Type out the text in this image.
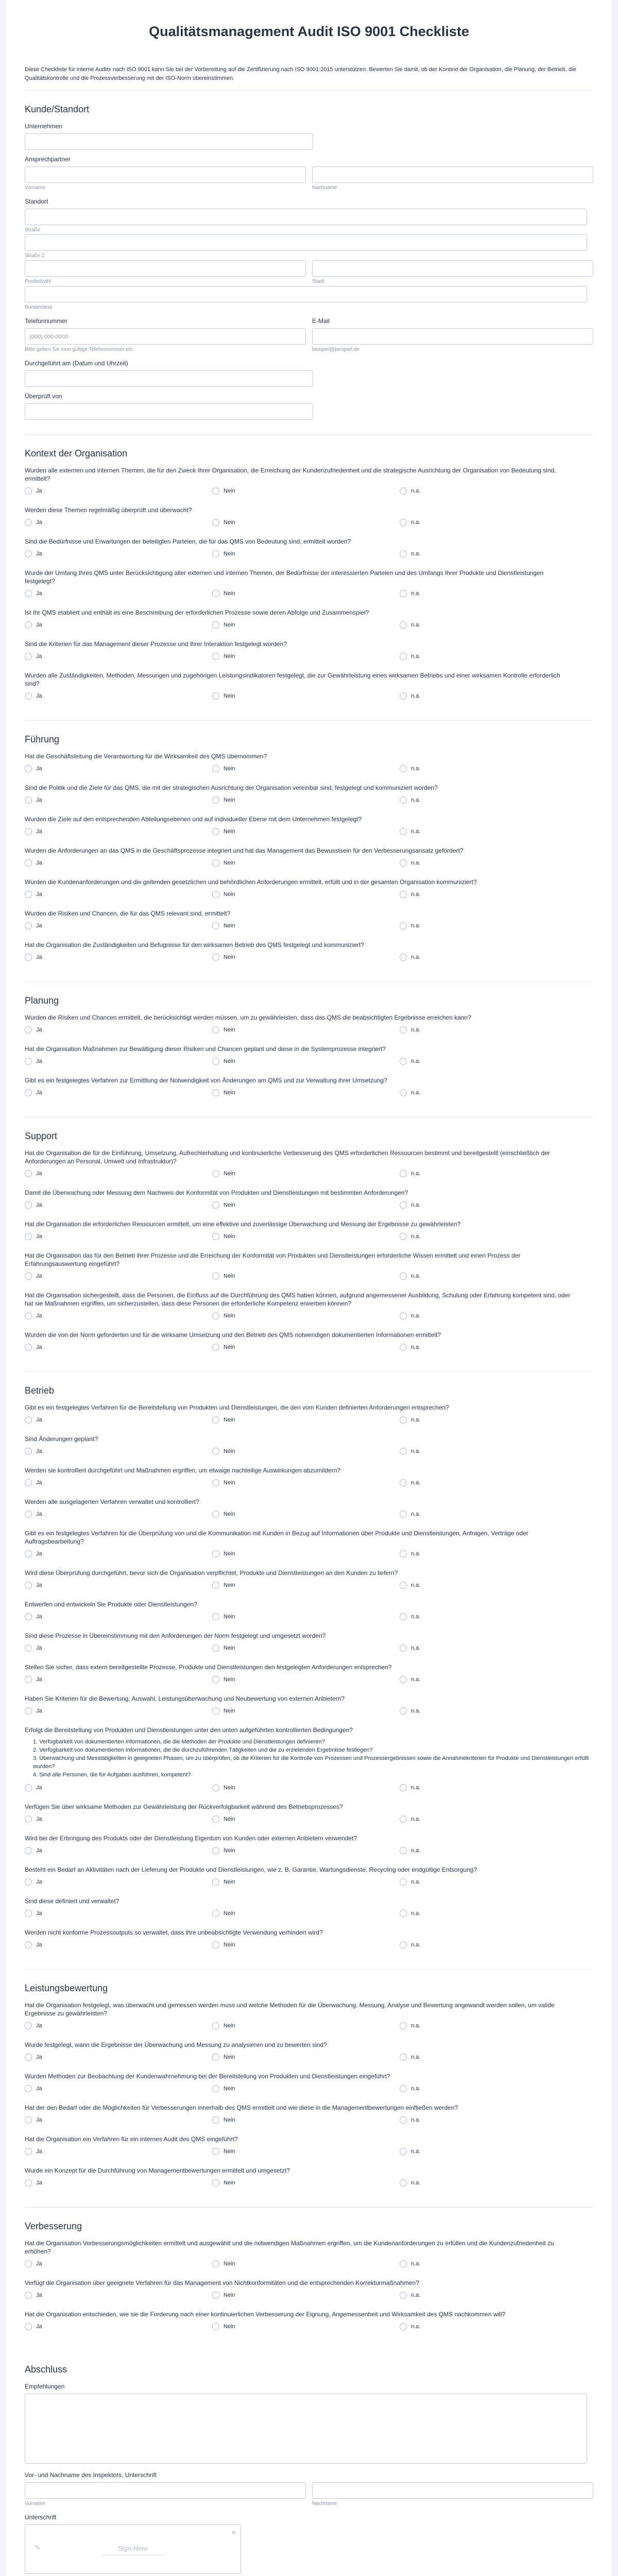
Qualitätsmanagement Audit ISO 9001 Checkliste

Diese Checkliste für interne Audits nach ISO 9001 kann Sie bei der Vorbereitung auf die Zertifizierung nach ISO 9001:2015 unterstützen. Bewerten Sie damit, ob der Kontext der Organisation, die Planung, der Betrieb, die Qualitätskontrolle und die Prozessverbesserung mit der ISO-Norm übereinstimmen.

Kunde/Standort
Unternehmen
Ansprechpartner
Vorname	Nachname
Standort
Straße
Straße 2
Postleitzahl	Stadt
Bundesland
Telefonnummer
(000) 000-0000
Bitte geben Sie eine gültige Telefonnummer ein.
E-Mail
beispiel@beispiel.de
Durchgeführt am (Datum und Uhrzeit)
Überprüft von
Kontext der Organisation
Wurden alle externen und internen Themen, die für den Zweck Ihrer Organisation, die Erreichung der Kundenzufriedenheit und die strategische Ausrichtung der Organisation von Bedeutung sind, ermittelt?
Ja	Nein	n.a.
Werden diese Themen regelmäßig überprüft und überwacht?
Ja	Nein	n.a.
Sind die Bedürfnisse und Erwartungen der beteiligten Parteien, die für das QMS von Bedeutung sind, ermittelt worden?
Ja	Nein	n.a.
Wurde der Umfang Ihres QMS unter Berücksichtigung aller externen und internen Themen, der Bedürfnisse der interessierten Parteien und des Umfangs Ihrer Produkte und Dienstleistungen festgelegt?
Ja	Nein	n.a.
Ist Ihr QMS etabliert und enthält es eine Beschreibung der erforderlichen Prozesse sowie deren Abfolge und Zusammenspiel?
Ja	Nein	n.a.
Sind die Kriterien für das Management dieser Prozesse und ihrer Interaktion festgelegt worden?
Ja	Nein	n.a.
Wurden alle Zuständigkeiten, Methoden, Messungen und zugehörigen Leistungsindikatoren festgelegt, die zur Gewährleistung eines wirksamen Betriebs und einer wirksamen Kontrolle erforderlich sind?
Ja	Nein	n.a.
Führung
Hat die Geschäftsleitung die Verantwortung für die Wirksamkeit des QMS übernommen?
Ja	Nein	n.a.
Sind die Politik und die Ziele für das QMS, die mit der strategischen Ausrichtung der Organisation vereinbar sind, festgelegt und kommuniziert worden?
Ja	Nein	n.a.
Wurden die Ziele auf den entsprechenden Abteilungsebenen und auf individueller Ebene mit dem Unternehmen festgelegt?
Ja	Nein	n.a.
Wurden die Anforderungen an das QMS in die Geschäftsprozesse integriert und hat das Management das Bewusstsein für den Verbesserungsansatz gefördert?
Ja	Nein	n.a.
Wurden die Kundenanforderungen und die geltenden gesetzlichen und behördlichen Anforderungen ermittelt, erfüllt und in der gesamten Organisation kommuniziert?
Ja	Nein	n.a.
Wurden die Risiken und Chancen, die für das QMS relevant sind, ermittelt?
Ja	Nein	n.a.
Hat die Organisation die Zuständigkeiten und Befugnisse für den wirksamen Betrieb des QMS festgelegt und kommuniziert?
Ja	Nein	n.a.
Planung
Wurden die Risiken und Chancen ermittelt, die berücksichtigt werden müssen, um zu gewährleisten, dass das QMS die beabsichtigten Ergebnisse erreichen kann?
Ja	Nein	n.a.
Hat die Organisation Maßnahmen zur Bewältigung dieser Risiken und Chancen geplant und diese in die Systemprozesse integriert?
Ja	Nein	n.a.
Gibt es ein festgelegtes Verfahren zur Ermittlung der Notwendigkeit von Änderungen am QMS und zur Verwaltung ihrer Umsetzung?
Ja	Nein	n.a.
Support
Hat die Organisation die für die Einführung, Umsetzung, Aufrechterhaltung und kontinuierliche Verbesserung des QMS erforderlichen Ressourcen bestimmt und bereitgestellt (einschließlich der Anforderungen an Personal, Umwelt und Infrastruktur)?
Ja	Nein	n.a.
Damit die Überwachung oder Messung dem Nachweis der Konformität von Produkten und Dienstleistungen mit bestimmten Anforderungen?
Ja	Nein	n.a.
Hat die Organisation die erforderlichen Ressourcen ermittelt, um eine effektive und zuverlässige Überwachung und Messung der Ergebnisse zu gewährleisten?
Ja	Nein	n.a.
Hat die Organisation das für den Betrieb ihrer Prozesse und die Erreichung der Konformität von Produkten und Dienstleistungen erforderliche Wissen ermittelt und einen Prozess der Erfahrungsauswertung eingeführt?
Ja	Nein	n.a.
Hat die Organisation sichergestellt, dass die Personen, die Einfluss auf die Durchführung des QMS haben können, aufgrund angemessener Ausbildung, Schulung oder Erfahrung kompetent sind, oder hat sie Maßnahmen ergriffen, um sicherzustellen, dass diese Personen die erforderliche Kompetenz erwerben können?
Ja	Nein	n.a.
Wurden die von der Norm geforderten und für die wirksame Umsetzung und den Betrieb des QMS notwendigen dokumentierten Informationen ermittelt?
Ja	Nein	n.a.
Betrieb
Gibt es ein festgelegtes Verfahren für die Bereitstellung von Produkten und Dienstleistungen, die den vom Kunden definierten Anforderungen entsprechen?
Ja	Nein	n.a.
Sind Änderungen geplant?
Ja	Nein	n.a.
Werden sie kontrolliert durchgeführt und Maßnahmen ergriffen, um etwaige nachteilige Auswirkungen abzumildern?
Ja	Nein	n.a.
Werden alle ausgelagerten Verfahren verwaltet und kontrolliert?
Ja	Nein	n.a.
Gibt es ein festgelegtes Verfahren für die Überprüfung von und die Kommunikation mit Kunden in Bezug auf Informationen über Produkte und Dienstleistungen, Anfragen, Verträge oder Auftragsbearbeitung?
Ja	Nein	n.a.
Wird diese Überprüfung durchgeführt, bevor sich die Organisation verpflichtet, Produkte und Dienstleistungen an den Kunden zu liefern?
Ja	Nein	n.a.
Entwerfen und entwickeln Sie Produkte oder Dienstleistungen?
Ja	Nein	n.a.
Sind diese Prozesse in Übereinstimmung mit den Anforderungen der Norm festgelegt und umgesetzt worden?
Ja	Nein	n.a.
Stellen Sie sicher, dass extern bereitgestellte Prozesse, Produkte und Dienstleistungen den festgelegten Anforderungen entsprechen?
Ja	Nein	n.a.
Haben Sie Kriterien für die Bewertung, Auswahl, Leistungsüberwachung und Neubewertung von externen Anbietern?
Ja	Nein	n.a.
Erfolgt die Bereitstellung von Produkten und Dienstleistungen unter den unten aufgeführten kontrollierten Bedingungen?
1. Verfügbarkeit von dokumentierten Informationen, die die Methoden der Produkte und Dienstleistungen definieren?
2. Verfügbarkeit von dokumentierten Informationen, die die durchzuführenden Tätigkeiten und die zu erzielenden Ergebnisse festlegen?
3. Überwachung und Messtätigkeiten in geeigneten Phasen, um zu überprüfen, ob die Kriterien für die Kontrolle von Prozessen und Prozessergebnissen sowie die Annahmekriterien für Produkte und Dienstleistungen erfüllt wurden?
4. Sind alle Personen, die für Aufgaben ausführen, kompetent?
Ja	Nein	n.a.
Verfügen Sie über wirksame Methoden zur Gewährleistung der Rückverfolgbarkeit während des Betriebsprozesses?
Ja	Nein	n.a.
Wird bei der Erbringung des Produkts oder der Dienstleistung Eigentum von Kunden oder externen Anbietern verwendet?
Ja	Nein	n.a.
Besteht ein Bedarf an Aktivitäten nach der Lieferung der Produkte und Dienstleistungen, wie z. B. Garantie, Wartungsdienste, Recycling oder endgültige Entsorgung?
Ja	Nein	n.a.
Sind diese definiert und verwaltet?
Ja	Nein	n.a.
Werden nicht konforme Prozessoutputs so verwaltet, dass ihre unbeabsichtigte Verwendung verhindert wird?
Ja	Nein	n.a.
Leistungsbewertung
Hat die Organisation festgelegt, was überwacht und gemessen werden muss und welche Methoden für die Überwachung, Messung, Analyse und Bewertung angewandt werden sollen, um valide Ergebnisse zu gewährleisten?
Ja	Nein	n.a.
Wurde festgelegt, wann die Ergebnisse der Überwachung und Messung zu analysieren und zu bewerten sind?
Ja	Nein	n.a.
Wurden Methoden zur Beobachtung der Kundenwahrnehmung bei der Bereitstellung von Produkten und Dienstleistungen eingeführt?
Ja	Nein	n.a.
Hat der den Bedarf oder die Möglichkeiten für Verbesserungen innerhalb des QMS ermittelt und wie diese in die Managementbewertungen einfließen werden?
Ja	Nein	n.a.
Hat die Organisation ein Verfahren für ein internes Audit des QMS eingeführt?
Ja	Nein	n.a.
Wurde ein Konzept für die Durchführung von Managementbewertungen ermittelt und umgesetzt?
Ja	Nein	n.a.
Verbesserung
Hat die Organisation Verbesserungsmöglichkeiten ermittelt und ausgewählt und die notwendigen Maßnahmen ergriffen, um die Kundenanforderungen zu erfüllen und die Kundenzufriedenheit zu erhöhen?
Ja	Nein	n.a.
Verfügt die Organisation über geeignete Verfahren für das Management von Nichtkonformitäten und die entsprechenden Korrekturmaßnahmen?
Ja	Nein	n.a.
Hat die Organisation entschieden, wie sie die Forderung nach einer kontinuierlichen Verbesserung der Eignung, Angemessenheit und Wirksamkeit des QMS nachkommen will?
Ja	Nein	n.a.
Abschluss
Empfehlungen
Vor- und Nachname des Inspektors, Unterschrift
Vorname	Nachname
Unterschrift
✎
✕
Sign Here
